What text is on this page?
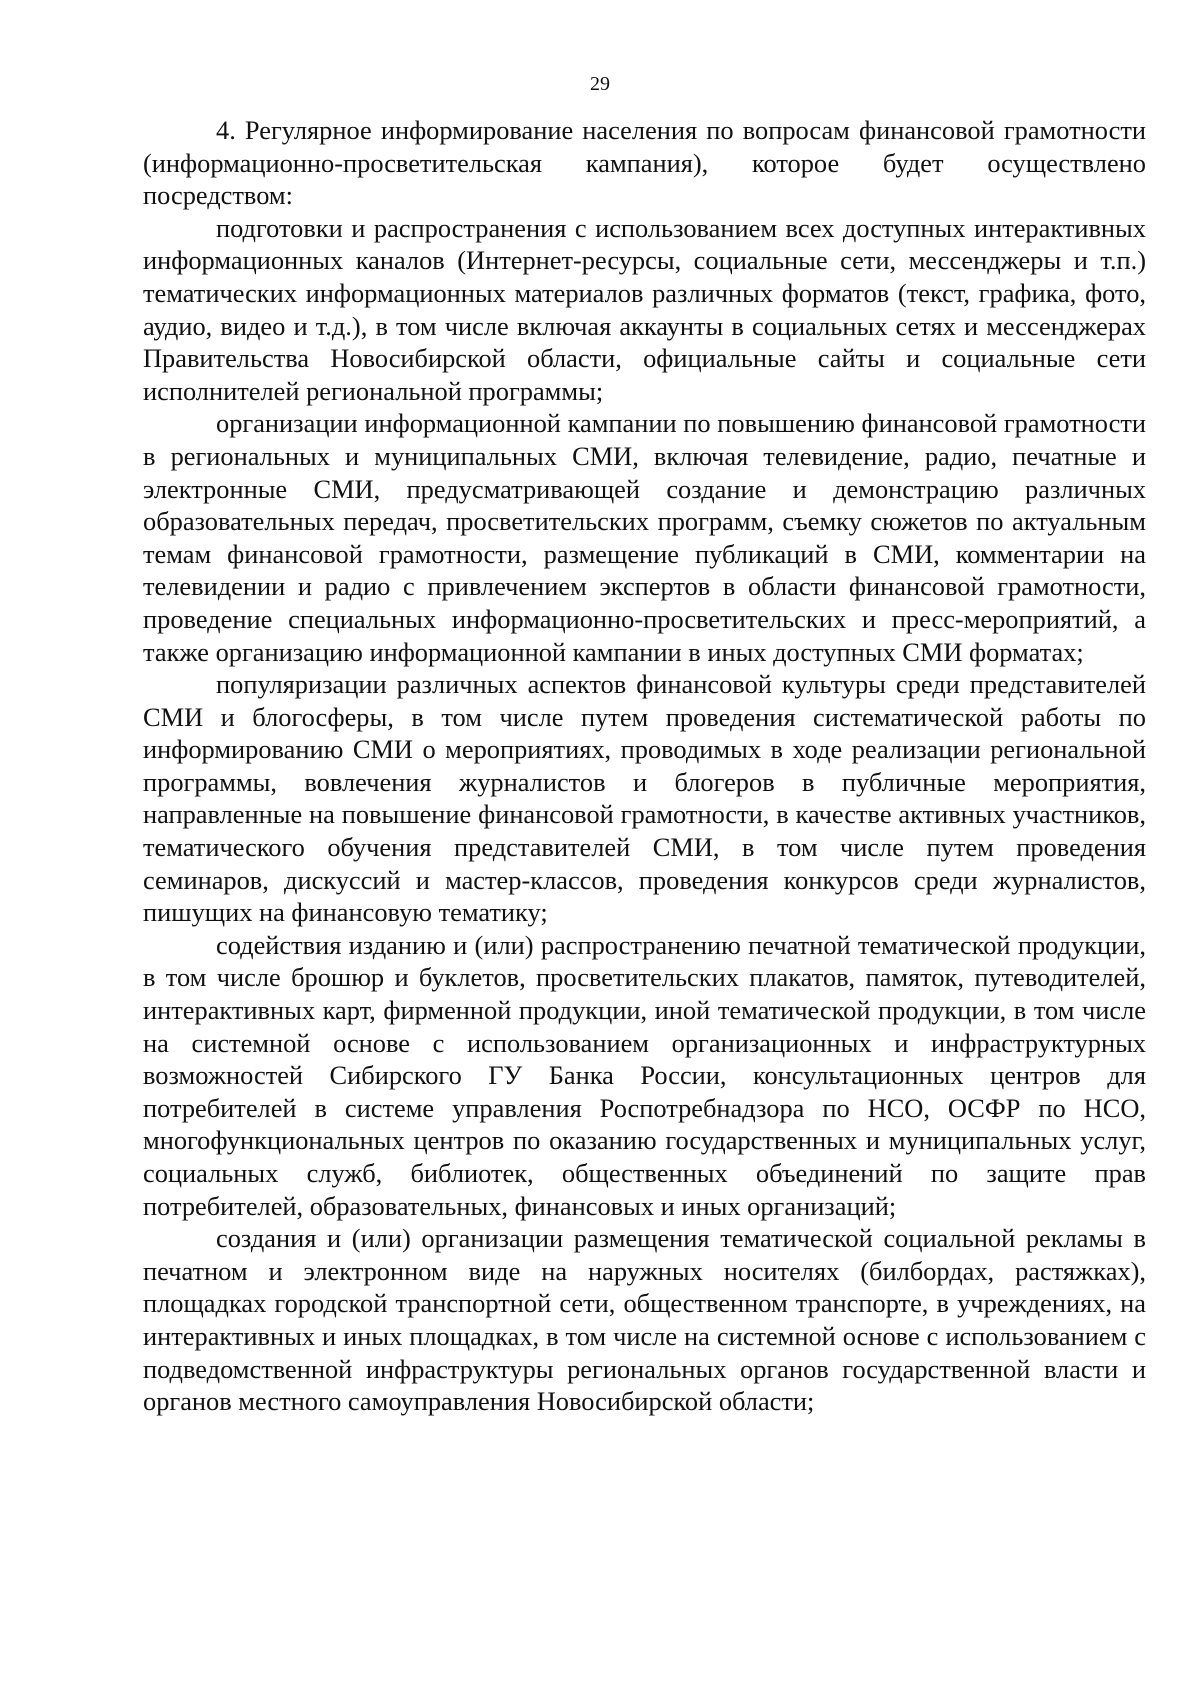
29

4. Регулярное информирование населения по вопросам финансовой грамотности (информационно-просветительская кампания), которое будет осуществлено посредством:

подготовки и распространения с использованием всех доступных интерактивных информационных каналов (Интернет-ресурсы, социальные сети, мессенджеры и т.п.) тематических информационных материалов различных форматов (текст, графика, фото, аудио, видео и т.д.), в том числе включая аккаунты в социальных сетях и мессенджерах Правительства Новосибирской области, официальные сайты и социальные сети исполнителей региональной программы;

организации информационной кампании по повышению финансовой грамотности в региональных и муниципальных СМИ, включая телевидение, радио, печатные и электронные СМИ, предусматривающей создание и демонстрацию различных образовательных передач, просветительских программ, съемку сюжетов по актуальным темам финансовой грамотности, размещение публикаций в СМИ, комментарии на телевидении и радио с привлечением экспертов в области финансовой грамотности, проведение специальных информационно-просветительских и пресс-мероприятий, а также организацию информационной кампании в иных доступных СМИ форматах;

популяризации различных аспектов финансовой культуры среди представителей СМИ и блогосферы, в том числе путем проведения систематической работы по информированию СМИ о мероприятиях, проводимых в ходе реализации региональной программы, вовлечения журналистов и блогеров в публичные мероприятия, направленные на повышение финансовой грамотности, в качестве активных участников, тематического обучения представителей СМИ, в том числе путем проведения семинаров, дискуссий и мастер-классов, проведения конкурсов среди журналистов, пишущих на финансовую тематику;

содействия изданию и (или) распространению печатной тематической продукции, в том числе брошюр и буклетов, просветительских плакатов, памяток, путеводителей, интерактивных карт, фирменной продукции, иной тематической продукции, в том числе на системной основе с использованием организационных и инфраструктурных возможностей Сибирского ГУ Банка России, консультационных центров для потребителей в системе управления Роспотребнадзора по НСО, ОСФР по НСО, многофункциональных центров по оказанию государственных и муниципальных услуг, социальных служб, библиотек, общественных объединений по защите прав потребителей, образовательных, финансовых и иных организаций;

создания и (или) организации размещения тематической социальной рекламы в печатном и электронном виде на наружных носителях (билбордах, растяжках), площадках городской транспортной сети, общественном транспорте, в учреждениях, на интерактивных и иных площадках, в том числе на системной основе с использованием с подведомственной инфраструктуры региональных органов государственной власти и органов местного самоуправления Новосибирской области;
